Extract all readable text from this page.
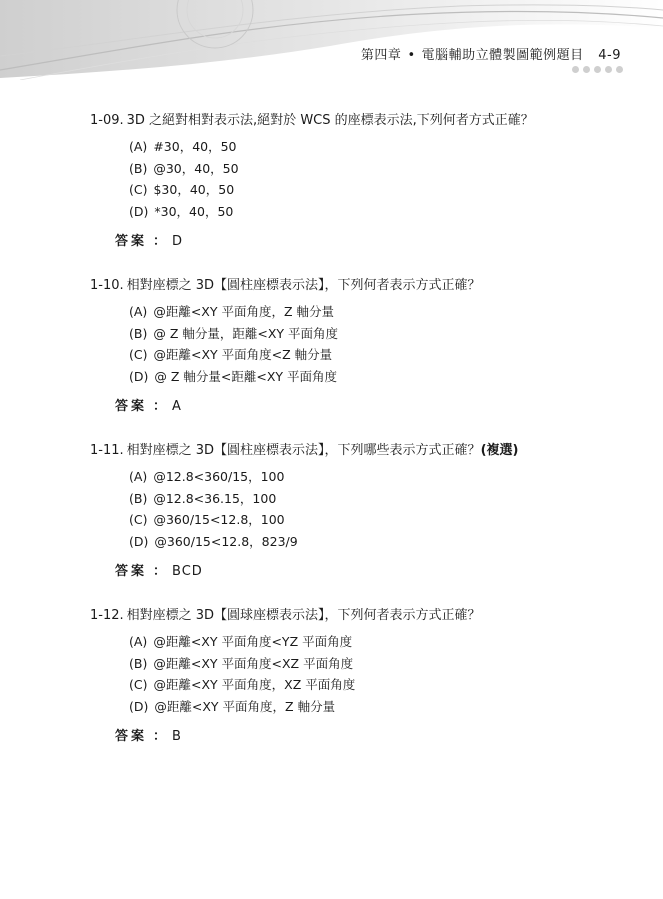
第四章 • 電腦輔助立體製圖範例題目 4-9
1-09. 3D 之絕對相對表示法,絕對於 WCS 的座標表示法,下列何者方式正確？
(A) #30，40，50
(B) @30，40，50
(C) $30，40，50
(D) *30，40，50
答案 ： D
1-10. 相對座標之 3D【圓柱座標表示法】，下列何者表示方式正確？
(A) @距離<XY 平面角度，Z 軸分量
(B) @ Z 軸分量，距離<XY 平面角度
(C) @距離<XY 平面角度<Z 軸分量
(D) @ Z 軸分量<距離<XY 平面角度
答案 ： A
1-11. 相對座標之 3D【圓柱座標表示法】，下列哪些表示方式正確？(複選)
(A) @12.8<360/15，100
(B) @12.8<36.15，100
(C) @360/15<12.8，100
(D) @360/15<12.8，823/9
答案 ： BCD
1-12. 相對座標之 3D【圓球座標表示法】，下列何者表示方式正確？
(A) @距離<XY 平面角度<YZ 平面角度
(B) @距離<XY 平面角度<XZ 平面角度
(C) @距離<XY 平面角度，XZ 平面角度
(D) @距離<XY 平面角度，Z 軸分量
答案 ： B
